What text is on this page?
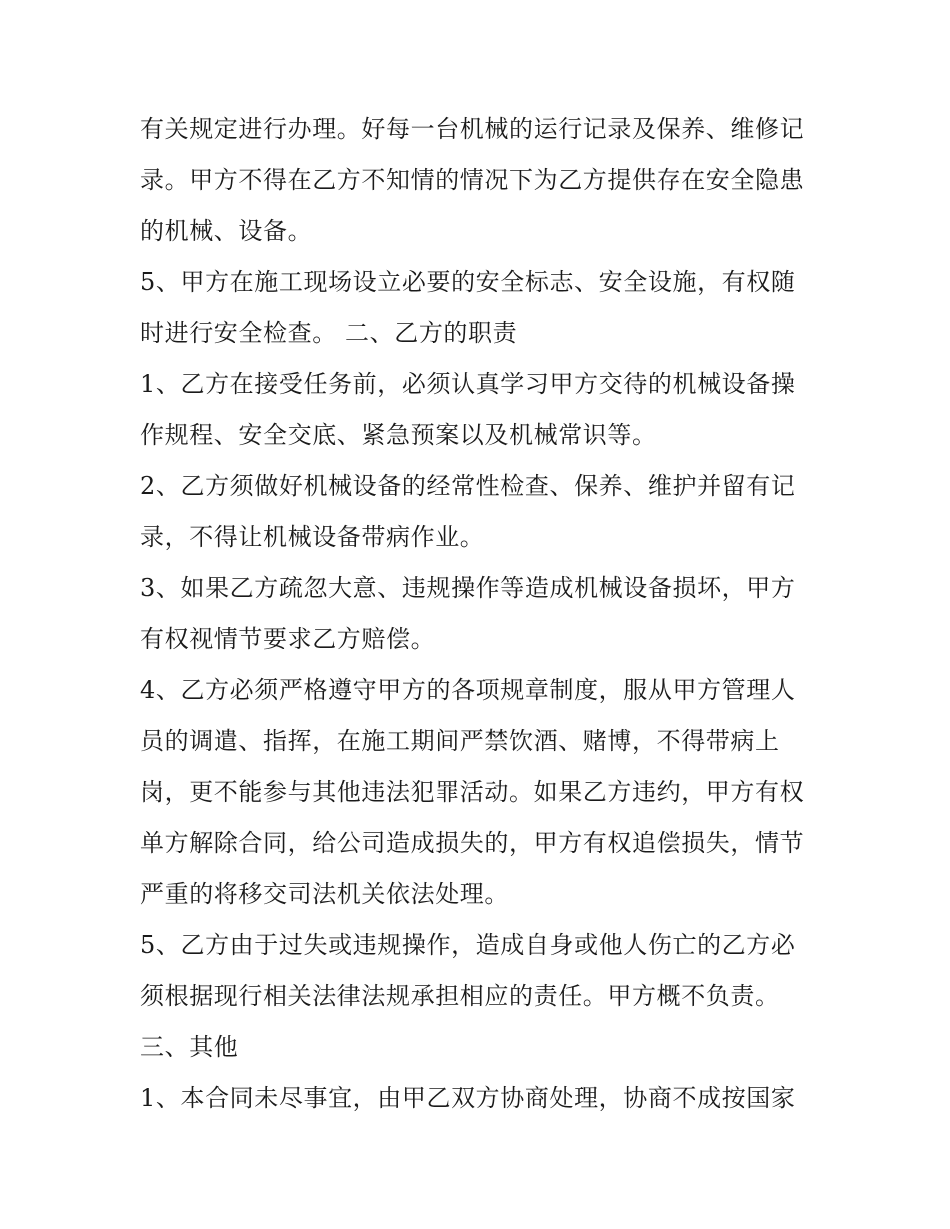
有关规定进行办理。好每一台机械的运行记录及保养、维修记
录。甲方不得在乙方不知情的情况下为乙方提供存在安全隐患
的机械、设备。
5、甲方在施工现场设立必要的安全标志、安全设施，有权随
时进行安全检查。 二、乙方的职责
1、乙方在接受任务前，必须认真学习甲方交待的机械设备操
作规程、安全交底、紧急预案以及机械常识等。
2、乙方须做好机械设备的经常性检查、保养、维护并留有记
录，不得让机械设备带病作业。
3、如果乙方疏忽大意、违规操作等造成机械设备损坏，甲方
有权视情节要求乙方赔偿。
4、乙方必须严格遵守甲方的各项规章制度，服从甲方管理人
员的调遣、指挥，在施工期间严禁饮酒、赌博，不得带病上
岗，更不能参与其他违法犯罪活动。如果乙方违约，甲方有权
单方解除合同，给公司造成损失的，甲方有权追偿损失，情节
严重的将移交司法机关依法处理。
5、乙方由于过失或违规操作，造成自身或他人伤亡的乙方必
须根据现行相关法律法规承担相应的责任。甲方概不负责。
三、其他
1、本合同未尽事宜，由甲乙双方协商处理，协商不成按国家
